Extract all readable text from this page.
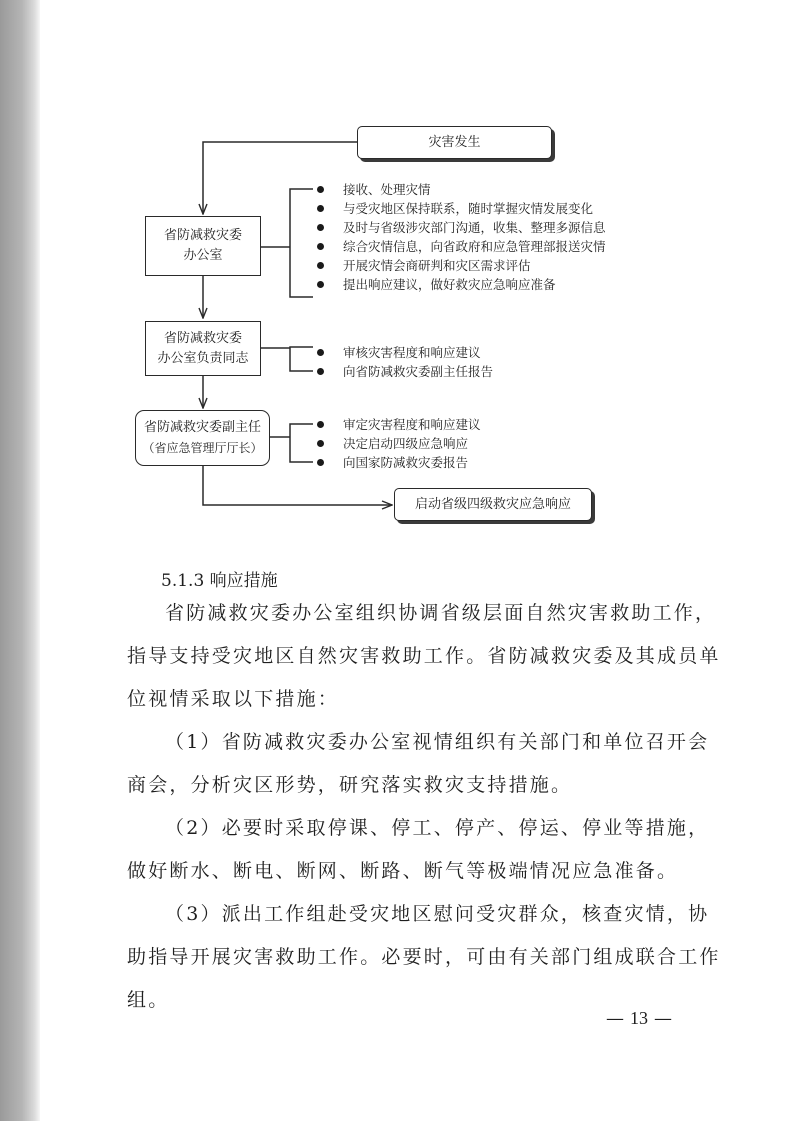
灾害发生
省防减救灾委
办公室
接收、处理灾情
与受灾地区保持联系，随时掌握灾情发展变化
及时与省级涉灾部门沟通，收集、整理多源信息
综合灾情信息，向省政府和应急管理部报送灾情
开展灾情会商研判和灾区需求评估
提出响应建议，做好救灾应急响应准备
省防减救灾委
办公室负责同志	审核灾害程度和响应建议
向省防减救灾委副主任报告
省防减救灾委副主任
（省应急管理厅厅长）
审定灾害程度和响应建议
决定启动四级应急响应
向国家防减救灾委报告
启动省级四级救灾应急响应
5.1.3 响应措施

省防减救灾委办公室组织协调省级层面自然灾害救助工作，指导支持受灾地区自然灾害救助工作。省防减救灾委及其成员单位视情采取以下措施：

（1）省防减救灾委办公室视情组织有关部门和单位召开会商会，分析灾区形势，研究落实救灾支持措施。

（2）必要时采取停课、停工、停产、停运、停业等措施，做好断水、断电、断网、断路、断气等极端情况应急准备。

（3）派出工作组赴受灾地区慰问受灾群众，核查灾情，协助指导开展灾害救助工作。必要时，可由有关部门组成联合工作组。

— 13 —
